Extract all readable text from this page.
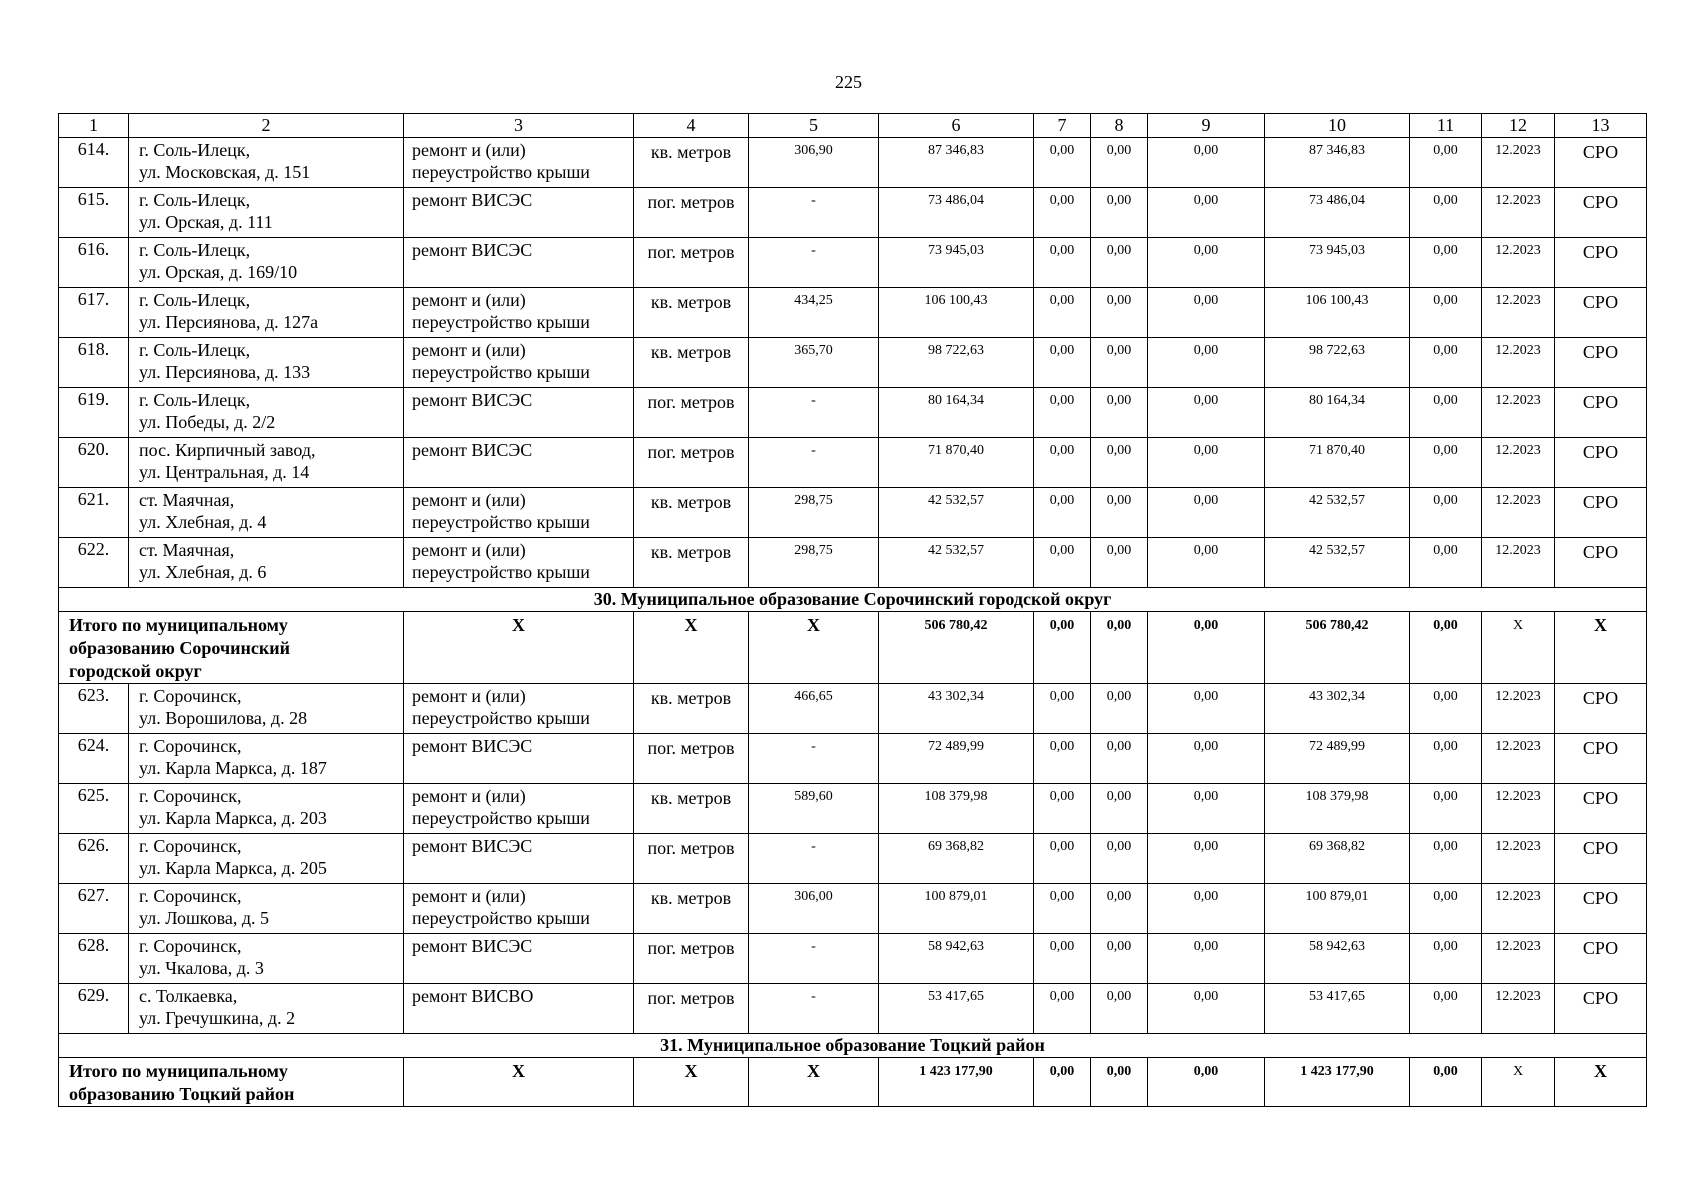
225
1	2	3	4	5	6	7	8	9	10	11	12	13
614.	г. Соль-Илецк,
ул. Московская, д. 151	ремонт и (или)
переустройство крыши	кв. метров	306,90	87 346,83	0,00	0,00	0,00	87 346,83	0,00	12.2023	СРО
615.	г. Соль-Илецк,
ул. Орская, д. 111	ремонт ВИСЭС	пог. метров	-	73 486,04	0,00	0,00	0,00	73 486,04	0,00	12.2023	СРО
616.	г. Соль-Илецк,
ул. Орская, д. 169/10	ремонт ВИСЭС	пог. метров	-	73 945,03	0,00	0,00	0,00	73 945,03	0,00	12.2023	СРО
617.	г. Соль-Илецк,
ул. Персиянова, д. 127а	ремонт и (или)
переустройство крыши	кв. метров	434,25	106 100,43	0,00	0,00	0,00	106 100,43	0,00	12.2023	СРО
618.	г. Соль-Илецк,
ул. Персиянова, д. 133	ремонт и (или)
переустройство крыши	кв. метров	365,70	98 722,63	0,00	0,00	0,00	98 722,63	0,00	12.2023	СРО
619.	г. Соль-Илецк,
ул. Победы, д. 2/2	ремонт ВИСЭС	пог. метров	-	80 164,34	0,00	0,00	0,00	80 164,34	0,00	12.2023	СРО
620.	пос. Кирпичный завод,
ул. Центральная, д. 14	ремонт ВИСЭС	пог. метров	-	71 870,40	0,00	0,00	0,00	71 870,40	0,00	12.2023	СРО
621.	ст. Маячная,
ул. Хлебная, д. 4	ремонт и (или)
переустройство крыши	кв. метров	298,75	42 532,57	0,00	0,00	0,00	42 532,57	0,00	12.2023	СРО
622.	ст. Маячная,
ул. Хлебная, д. 6	ремонт и (или)
переустройство крыши	кв. метров	298,75	42 532,57	0,00	0,00	0,00	42 532,57	0,00	12.2023	СРО
30. Муниципальное образование Сорочинский городской округ												

Итого по муниципальному
образованию Сорочинский
городской округ		Х	Х	Х	506 780,42	0,00	0,00	0,00	506 780,42	0,00	Х	Х
623.	г. Сорочинск,
ул. Ворошилова, д. 28	ремонт и (или)
переустройство крыши	кв. метров	466,65	43 302,34	0,00	0,00	0,00	43 302,34	0,00	12.2023	СРО
624.	г. Сорочинск,
ул. Карла Маркса, д. 187	ремонт ВИСЭС	пог. метров	-	72 489,99	0,00	0,00	0,00	72 489,99	0,00	12.2023	СРО
625.	г. Сорочинск,
ул. Карла Маркса, д. 203	ремонт и (или)
переустройство крыши	кв. метров	589,60	108 379,98	0,00	0,00	0,00	108 379,98	0,00	12.2023	СРО
626.	г. Сорочинск,
ул. Карла Маркса, д. 205	ремонт ВИСЭС	пог. метров	-	69 368,82	0,00	0,00	0,00	69 368,82	0,00	12.2023	СРО
627.	г. Сорочинск,
ул. Лошкова, д. 5	ремонт и (или)
переустройство крыши	кв. метров	306,00	100 879,01	0,00	0,00	0,00	100 879,01	0,00	12.2023	СРО
628.	г. Сорочинск,
ул. Чкалова, д. 3	ремонт ВИСЭС	пог. метров	-	58 942,63	0,00	0,00	0,00	58 942,63	0,00	12.2023	СРО
629.	с. Толкаевка,
ул. Гречушкина, д. 2	ремонт ВИСВО	пог. метров	-	53 417,65	0,00	0,00	0,00	53 417,65	0,00	12.2023	СРО
31. Муниципальное образование Тоцкий район												

Итого по муниципальному
образованию Тоцкий район		Х	Х	Х	1 423 177,90	0,00	0,00	0,00	1 423 177,90	0,00	Х	Х
